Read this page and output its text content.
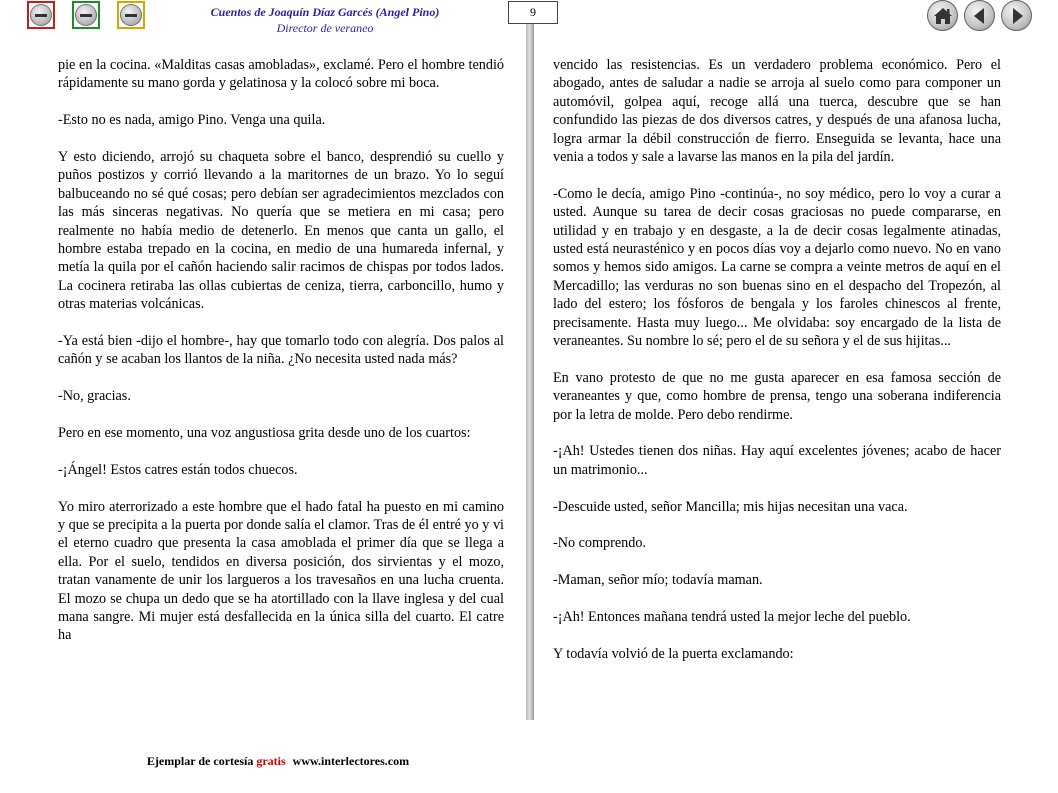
Cuentos de Joaquín Díaz Garcés (Angel Pino)
Director de veraneo
9

pie en la cocina. «Malditas casas amobladas», exclamé. Pero el hombre tendió rápidamente su mano gorda y gelatinosa y la colocó sobre mi boca.

-Esto no es nada, amigo Pino. Venga una quila.

Y esto diciendo, arrojó su chaqueta sobre el banco, desprendió su cuello y puños postizos y corrió llevando a la maritornes de un brazo. Yo lo seguí balbuceando no sé qué cosas; pero debían ser agradecimientos mezclados con las más sinceras negativas. No quería que se metiera en mi casa; pero realmente no había medio de detenerlo. En menos que canta un gallo, el hombre estaba trepado en la cocina, en medio de una humareda infernal, y metía la quila por el cañón haciendo salir racimos de chispas por todos lados. La cocinera retiraba las ollas cubiertas de ceniza, tierra, carboncillo, humo y otras materias volcánicas.

-Ya está bien -dijo el hombre-, hay que tomarlo todo con alegría. Dos palos al cañón y se acaban los llantos de la niña. ¿No necesita usted nada más?

-No, gracias.

Pero en ese momento, una voz angustiosa grita desde uno de los cuartos:

-¡Ángel! Estos catres están todos chuecos.

Yo miro aterrorizado a este hombre que el hado fatal ha puesto en mi camino y que se precipita a la puerta por donde salía el clamor. Tras de él entré yo y vi el eterno cuadro que presenta la casa amoblada el primer día que se llega a ella. Por el suelo, tendidos en diversa posición, dos sirvientas y el mozo, tratan vanamente de unir los largueros a los travesaños en una lucha cruenta. El mozo se chupa un dedo que se ha atortillado con la llave inglesa y del cual mana sangre. Mi mujer está desfallecida en la única silla del cuarto. El catre ha

vencido las resistencias. Es un verdadero problema económico. Pero el abogado, antes de saludar a nadie se arroja al suelo como para componer un automóvil, golpea aquí, recoge allá una tuerca, descubre que se han confundido las piezas de dos diversos catres, y después de una afanosa lucha, logra armar la débil construcción de fierro. Enseguida se levanta, hace una venia a todos y sale a lavarse las manos en la pila del jardín.

-Como le decía, amigo Pino -continúa-, no soy médico, pero lo voy a curar a usted. Aunque su tarea de decir cosas graciosas no puede compararse, en utilidad y en trabajo y en desgaste, a la de decir cosas legalmente atinadas, usted está neurasténico y en pocos días voy a dejarlo como nuevo. No en vano somos y hemos sido amigos. La carne se compra a veinte metros de aquí en el Mercadillo; las verduras no son buenas sino en el despacho del Tropezón, al lado del estero; los fósforos de bengala y los faroles chinescos al frente, precisamente. Hasta muy luego... Me olvidaba: soy encargado de la lista de veraneantes. Su nombre lo sé; pero el de su señora y el de sus hijitas...

En vano protesto de que no me gusta aparecer en esa famosa sección de veraneantes y que, como hombre de prensa, tengo una soberana indiferencia por la letra de molde. Pero debo rendirme.

-¡Ah! Ustedes tienen dos niñas. Hay aquí excelentes jóvenes; acabo de hacer un matrimonio...

-Descuide usted, señor Mancilla; mis hijas necesitan una vaca.

-No comprendo.

-Maman, señor mío; todavía maman.

-¡Ah! Entonces mañana tendrá usted la mejor leche del pueblo.

Y todavía volvió de la puerta exclamando:

Ejemplar de cortesía gratis www.interlectores.com
